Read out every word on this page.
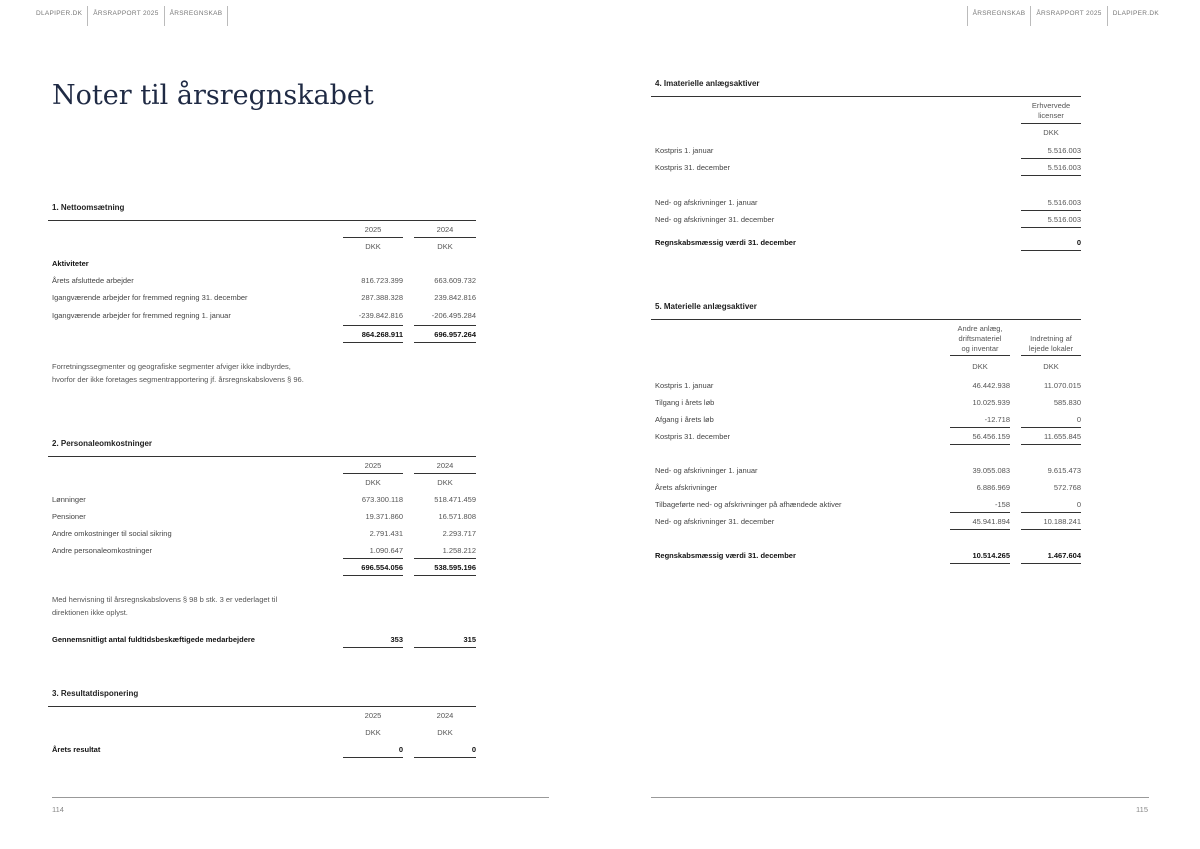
DLAPIPER.DK	ÅRSRAPPORT 2025	ÅRSREGNSKAB	ÅRSREGNSKAB	ÅRSRAPPORT 2025	DLAPIPER.DK
Noter til årsregnskabet

1. Nettoomsætning

2025	2024
DKK	DKK
Aktiviteter
Årets afsluttede arbejder	816.723.399	663.609.732
Igangværende arbejder for fremmed regning 31. december	287.388.328	239.842.816
Igangværende arbejder for fremmed regning 1. januar	-239.842.816	-206.495.284
864.268.911	696.957.264

Forretningssegmenter og geografiske segmenter afviger ikke indbyrdes,
hvorfor der ikke foretages segmentrapportering jf. årsregnskabslovens § 96.

2. Personaleomkostninger

2025	2024
DKK	DKK
Lønninger	673.300.118	518.471.459
Pensioner	19.371.860	16.571.808
Andre omkostninger til social sikring	2.791.431	2.293.717
Andre personaleomkostninger	1.090.647	1.258.212
696.554.056	538.595.196

Med henvisning til årsregnskabslovens § 98 b stk. 3 er vederlaget til
direktionen ikke oplyst.

Gennemsnitligt antal fuldtidsbeskæftigede medarbejdere	353	315

3. Resultatdisponering

2025	2024
DKK	DKK
Årets resultat	0	0

4. Imaterielle anlægsaktiver

Erhvervede
licenser
DKK
Kostpris 1. januar	5.516.003
Kostpris 31. december	5.516.003
Ned- og afskrivninger 1. januar	5.516.003
Ned- og afskrivninger 31. december	5.516.003
Regnskabsmæssig værdi 31. december	0

5. Materielle anlægsaktiver

Andre anlæg,
driftsmateriel
og inventar
Indretning af
lejede lokaler
DKK	DKK
Kostpris 1. januar	46.442.938	11.070.015
Tilgang i årets løb	10.025.939	585.830
Afgang i årets løb	-12.718	0
Kostpris 31. december	56.456.159	11.655.845
Ned- og afskrivninger 1. januar	39.055.083	9.615.473
Årets afskrivninger	6.886.969	572.768
Tilbageførte ned- og afskrivninger på afhændede aktiver	-158	0
Ned- og afskrivninger 31. december	45.941.894	10.188.241
Regnskabsmæssig værdi 31. december	10.514.265	1.467.604
114	115
